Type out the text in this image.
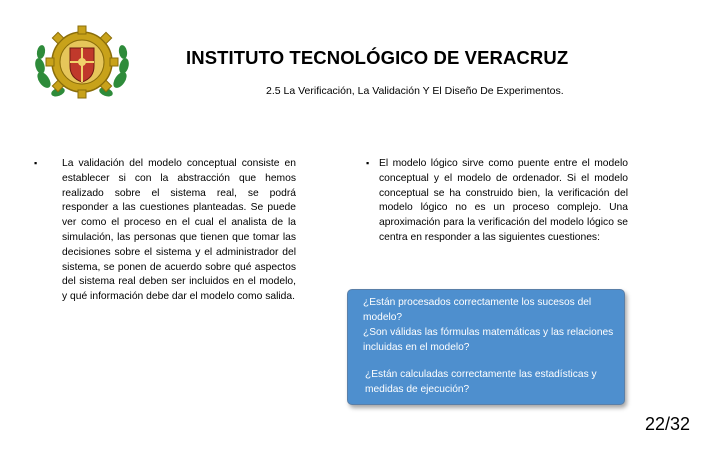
INSTITUTO TECNOLÓGICO DE VERACRUZ
2.5 La Verificación, La Validación Y El Diseño De Experimentos.
▪ La validación del modelo conceptual consiste en establecer si con la abstracción que hemos realizado sobre el sistema real, se podrá responder a las cuestiones planteadas. Se puede ver como el proceso en el cual el analista de la simulación, las personas que tienen que tomar las decisiones sobre el sistema y el administrador del sistema, se ponen de acuerdo sobre qué aspectos del sistema real deben ser incluidos en el modelo, y qué información debe dar el modelo como salida.
▪ El modelo lógico sirve como puente entre el modelo conceptual y el modelo de ordenador. Si el modelo conceptual se ha construido bien, la verificación del modelo lógico no es un proceso complejo. Una aproximación para la verificación del modelo lógico se centra en responder a las siguientes cuestiones:
¿Están procesados correctamente los sucesos del modelo?
¿Son válidas las fórmulas matemáticas y las relaciones incluidas en el modelo?
¿Están calculadas correctamente las estadísticas y medidas de ejecución?
22/32
